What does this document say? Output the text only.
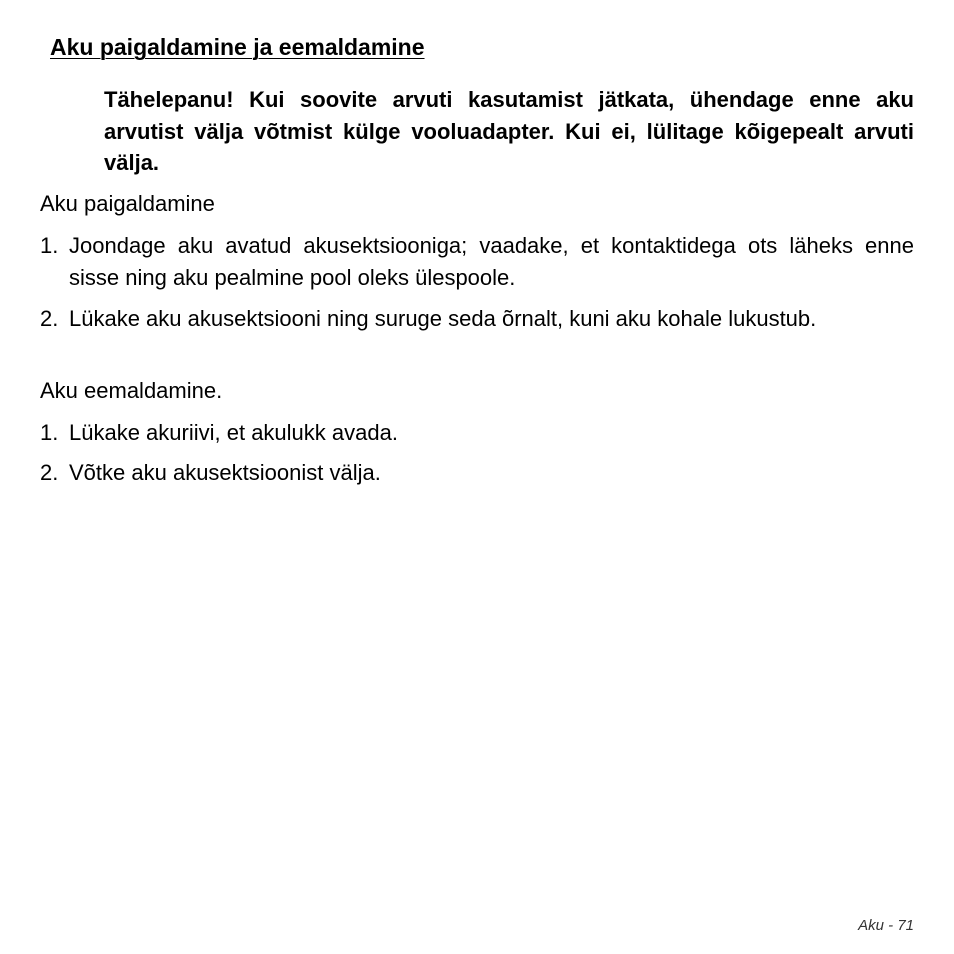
Aku paigaldamine ja eemaldamine
Tähelepanu! Kui soovite arvuti kasutamist jätkata, ühendage enne aku arvutist välja võtmist külge vooluadapter. Kui ei, lülitage kõigepealt arvuti välja.
Aku paigaldamine
1. Joondage aku avatud akusektsiooniga; vaadake, et kontaktidega ots läheks enne sisse ning aku pealmine pool oleks ülespoole.
2. Lükake aku akusektsiooni ning suruge seda õrnalt, kuni aku kohale lukustub.
Aku eemaldamine.
1. Lükake akuriivi, et akulukk avada.
2. Võtke aku akusektsioonist välja.
Aku - 71
